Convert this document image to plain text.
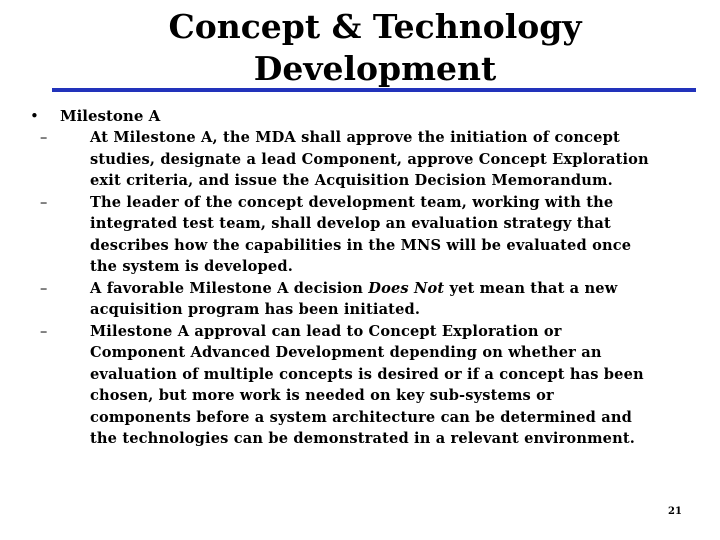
Concept & Technology
Development
• Milestone A
–	At Milestone A, the MDA shall approve the initiation of concept
studies, designate a lead Component, approve Concept Exploration
exit criteria, and issue the Acquisition Decision Memorandum.
–	The leader of the concept development team, working with the
integrated test team, shall develop an evaluation strategy that
describes how the capabilities in the MNS will be evaluated once
the system is developed.
–	A favorable Milestone A decision Does Not yet mean that a new
acquisition program has been initiated.
–	Milestone A approval can lead to Concept Exploration or
Component Advanced Development depending on whether an
evaluation of multiple concepts is desired or if a concept has been
chosen, but more work is needed on key sub-systems or
components before a system architecture can be determined and
the technologies can be demonstrated in a relevant environment.
21
